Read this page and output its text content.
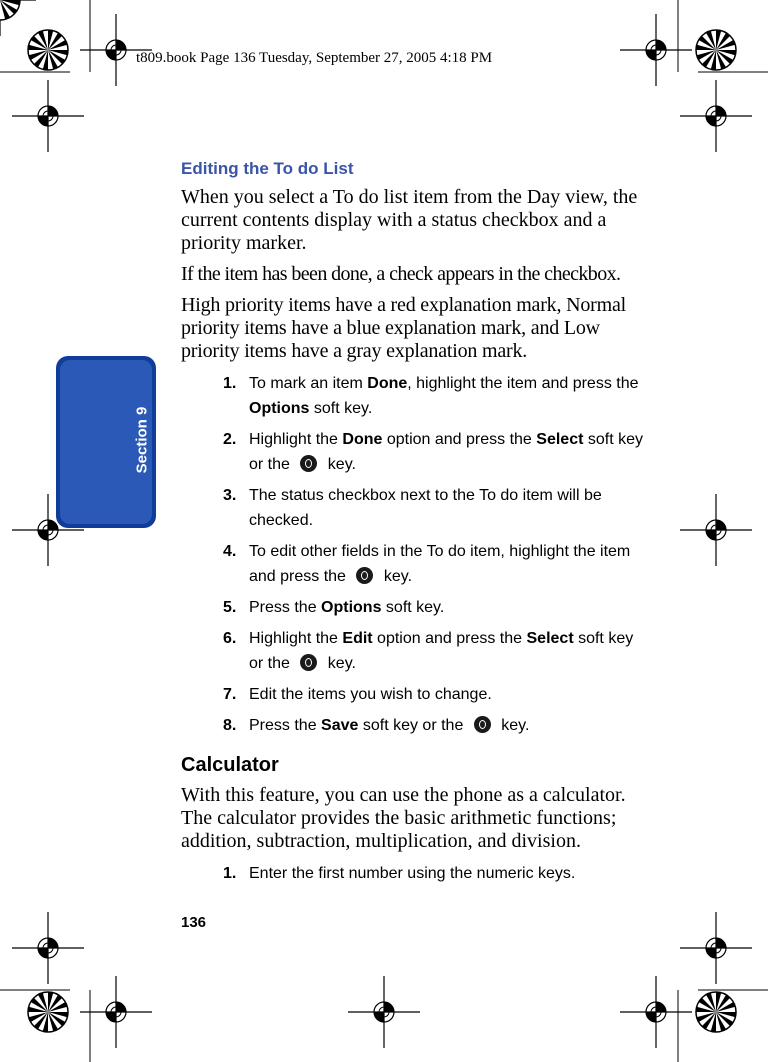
t809.book Page 136 Tuesday, September 27, 2005 4:18 PM
Section 9
Editing the To do List

When you select a To do list item from the Day view, the current contents display with a status checkbox and a priority marker.

If the item has been done, a check appears in the checkbox.

High priority items have a red explanation mark, Normal priority items have a blue explanation mark, and Low priority items have a gray explanation mark.

1. To mark an item Done, highlight the item and press the Options soft key.
2. Highlight the Done option and press the Select soft key or the  key.
3. The status checkbox next to the To do item will be checked.
4. To edit other fields in the To do item, highlight the item and press the  key.
5. Press the Options soft key.
6. Highlight the Edit option and press the Select soft key or the  key.
7. Edit the items you wish to change.
8. Press the Save soft key or the  key.
Calculator

With this feature, you can use the phone as a calculator. The calculator provides the basic arithmetic functions; addition, subtraction, multiplication, and division.

1. Enter the first number using the numeric keys.
136
